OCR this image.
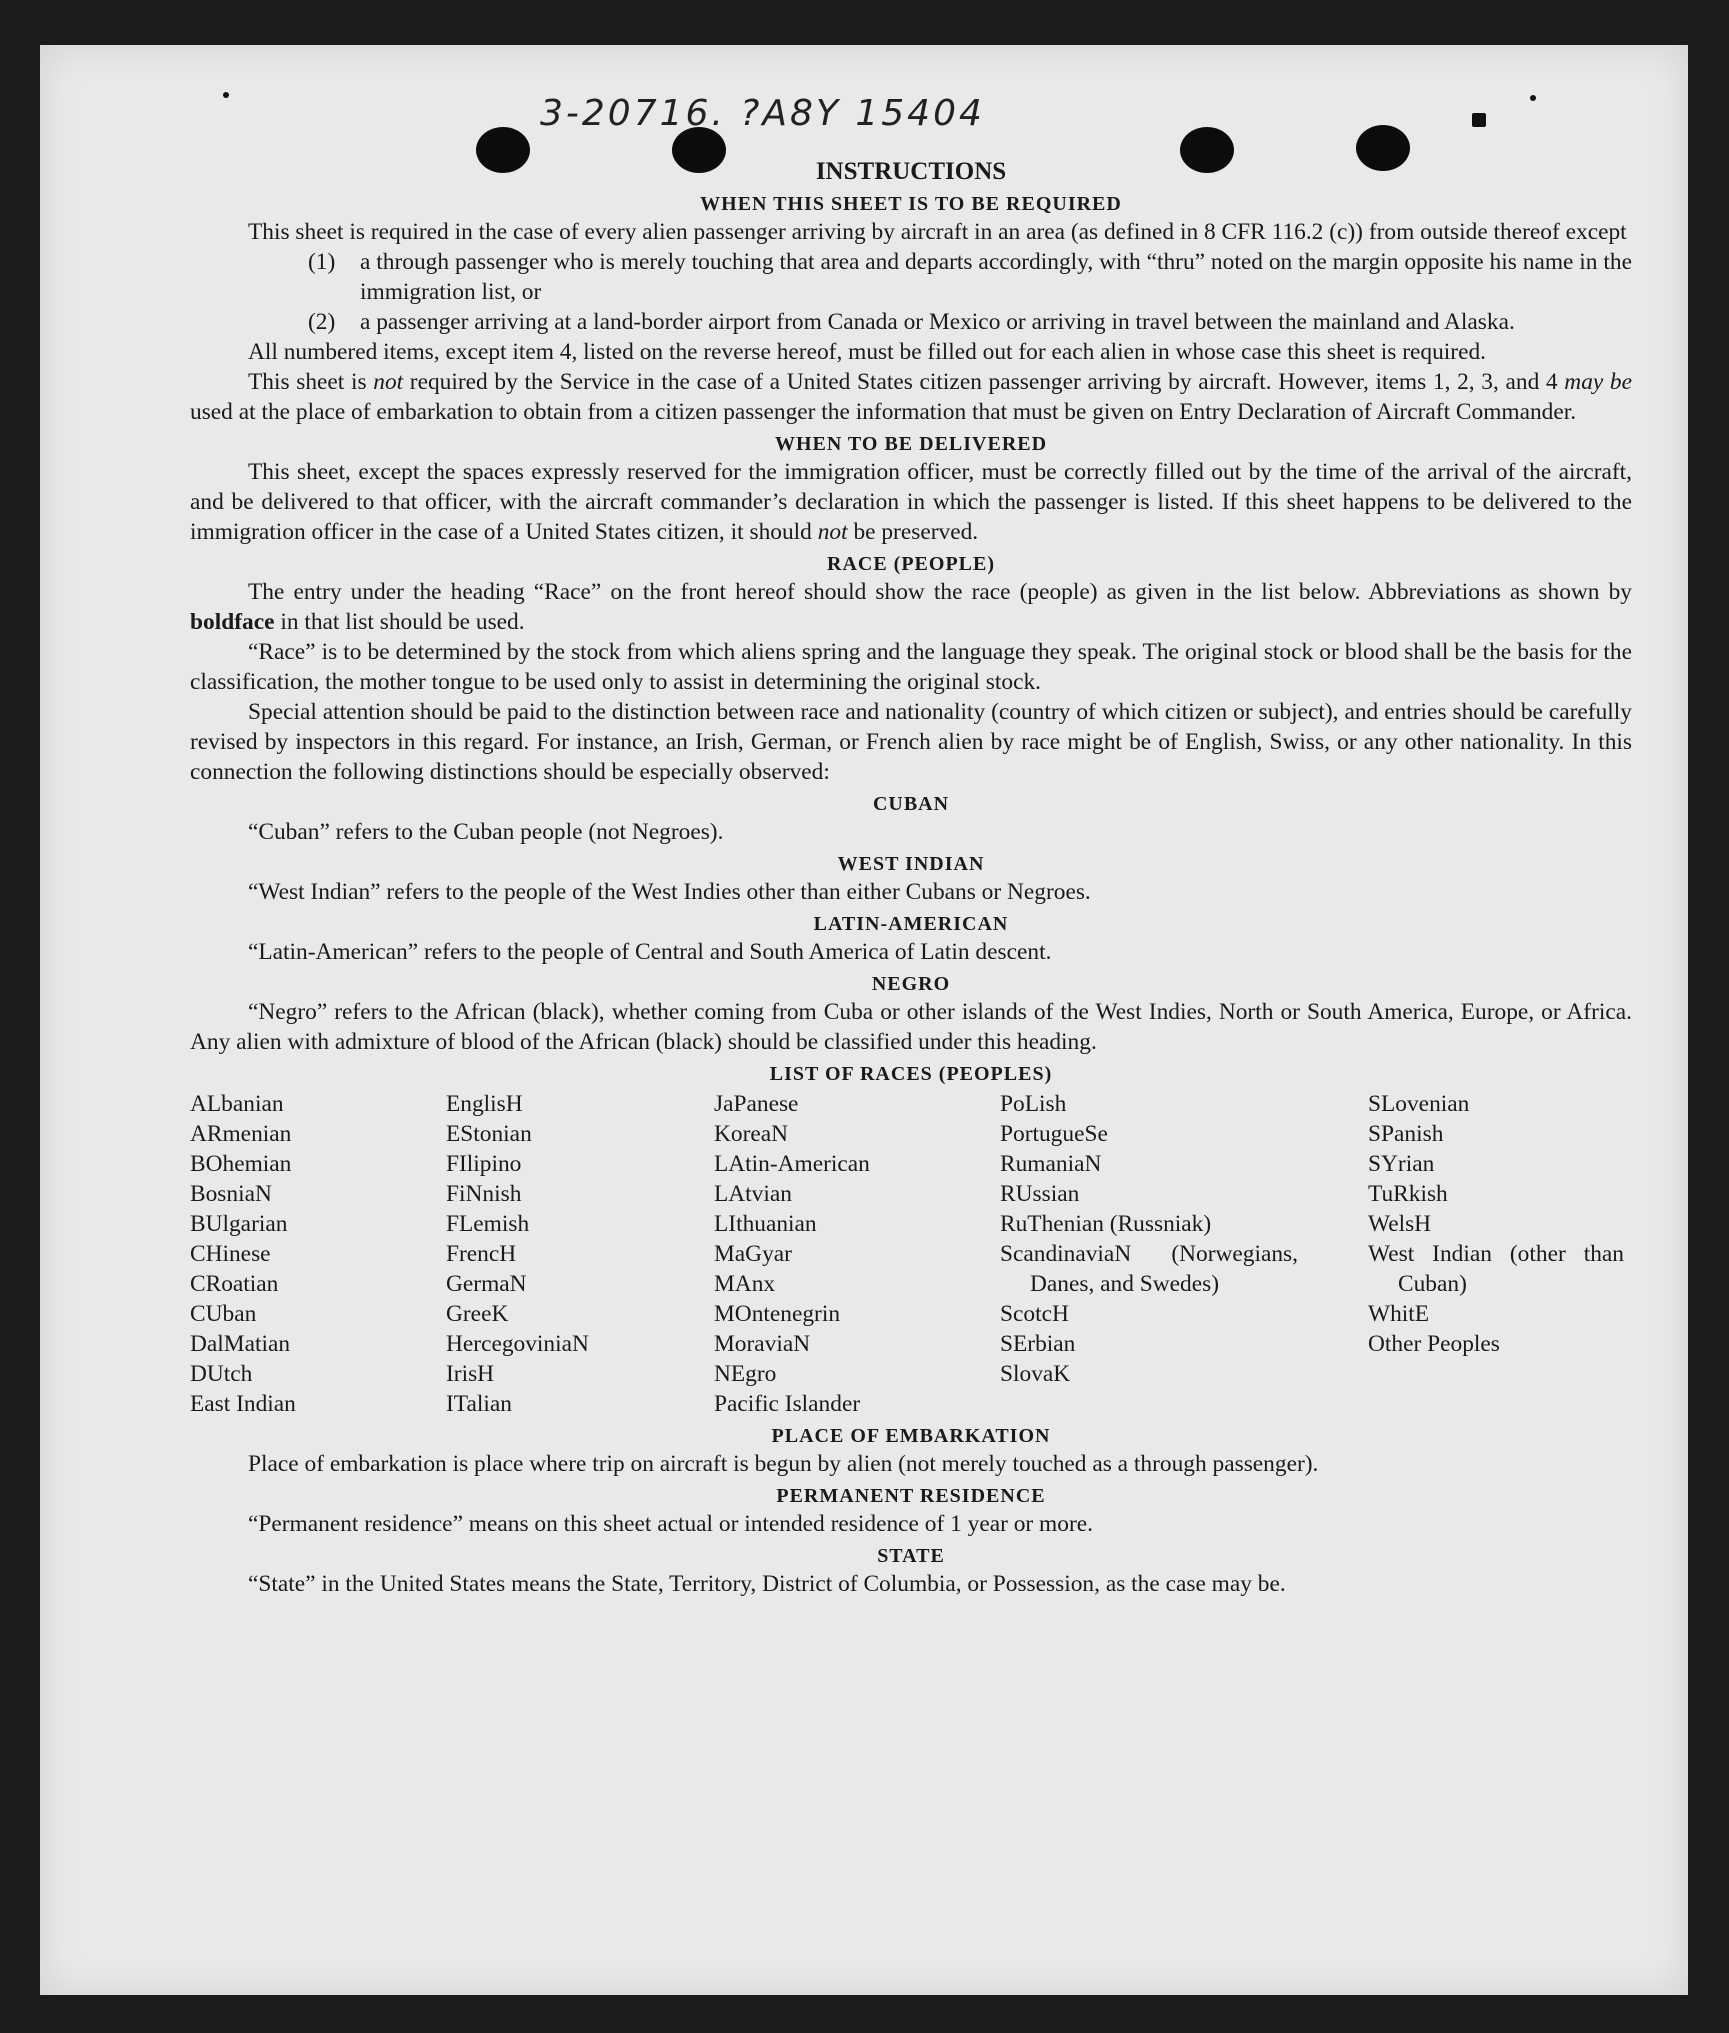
3-20716. ?A8Y 15404
INSTRUCTIONS
WHEN THIS SHEET IS TO BE REQUIRED

This sheet is required in the case of every alien passenger arriving by aircraft in an area (as defined in 8 CFR 116.2 (c)) from outside thereof except

(1)	a through passenger who is merely touching that area and departs accordingly, with “thru” noted on the margin opposite his name in the immigration list, or
(2)	a passenger arriving at a land-border airport from Canada or Mexico or arriving in travel between the mainland and Alaska.

All numbered items, except item 4, listed on the reverse hereof, must be filled out for each alien in whose case this sheet is required.

This sheet is not required by the Service in the case of a United States citizen passenger arriving by aircraft. However, items 1, 2, 3, and 4 may be used at the place of embarkation to obtain from a citizen passenger the information that must be given on Entry Declaration of Aircraft Commander.

WHEN TO BE DELIVERED

This sheet, except the spaces expressly reserved for the immigration officer, must be correctly filled out by the time of the arrival of the aircraft, and be delivered to that officer, with the aircraft commander’s declaration in which the passenger is listed. If this sheet happens to be delivered to the immigration officer in the case of a United States citizen, it should not be preserved.

RACE (PEOPLE)

The entry under the heading “Race” on the front hereof should show the race (people) as given in the list below. Abbreviations as shown by boldface in that list should be used.

“Race” is to be determined by the stock from which aliens spring and the language they speak. The original stock or blood shall be the basis for the classification, the mother tongue to be used only to assist in determining the original stock.

Special attention should be paid to the distinction between race and nationality (country of which citizen or subject), and entries should be carefully revised by inspectors in this regard. For instance, an Irish, German, or French alien by race might be of English, Swiss, or any other nationality. In this connection the following distinctions should be especially observed:

CUBAN

“Cuban” refers to the Cuban people (not Negroes).

WEST INDIAN

“West Indian” refers to the people of the West Indies other than either Cubans or Negroes.

LATIN-AMERICAN

“Latin-American” refers to the people of Central and South America of Latin descent.

NEGRO

“Negro” refers to the African (black), whether coming from Cuba or other islands of the West Indies, North or South America, Europe, or Africa. Any alien with admixture of blood of the African (black) should be classified under this heading.

LIST OF RACES (PEOPLES)
ALbanian
ARmenian
BOhemian
BosniaN
BUlgarian
CHinese
CRoatian
CUban
DalMatian
DUtch
East Indian
EnglisH
EStonian
FIlipino
FiNnish
FLemish
FrencH
GermaN
GreeK
HercegoviniaN
IrisH
ITalian
JaPanese
KoreaN
LAtin-American
LAtvian
LIthuanian
MaGyar
MAnx
MOntenegrin
MoraviaN
NEgro
Pacific Islander
PoLish
PortugueSe
RumaniaN
RUssian
RuThenian (Russniak)
ScandinaviaN (Norwegians, Danes, and Swedes)
ScotcH
SErbian
SlovaK
SLovenian
SPanish
SYrian
TuRkish
WelsH
West Indian (other than Cuban)
WhitE
Other Peoples
PLACE OF EMBARKATION

Place of embarkation is place where trip on aircraft is begun by alien (not merely touched as a through passenger).

PERMANENT RESIDENCE

“Permanent residence” means on this sheet actual or intended residence of 1 year or more.

STATE

“State” in the United States means the State, Territory, District of Columbia, or Possession, as the case may be.
